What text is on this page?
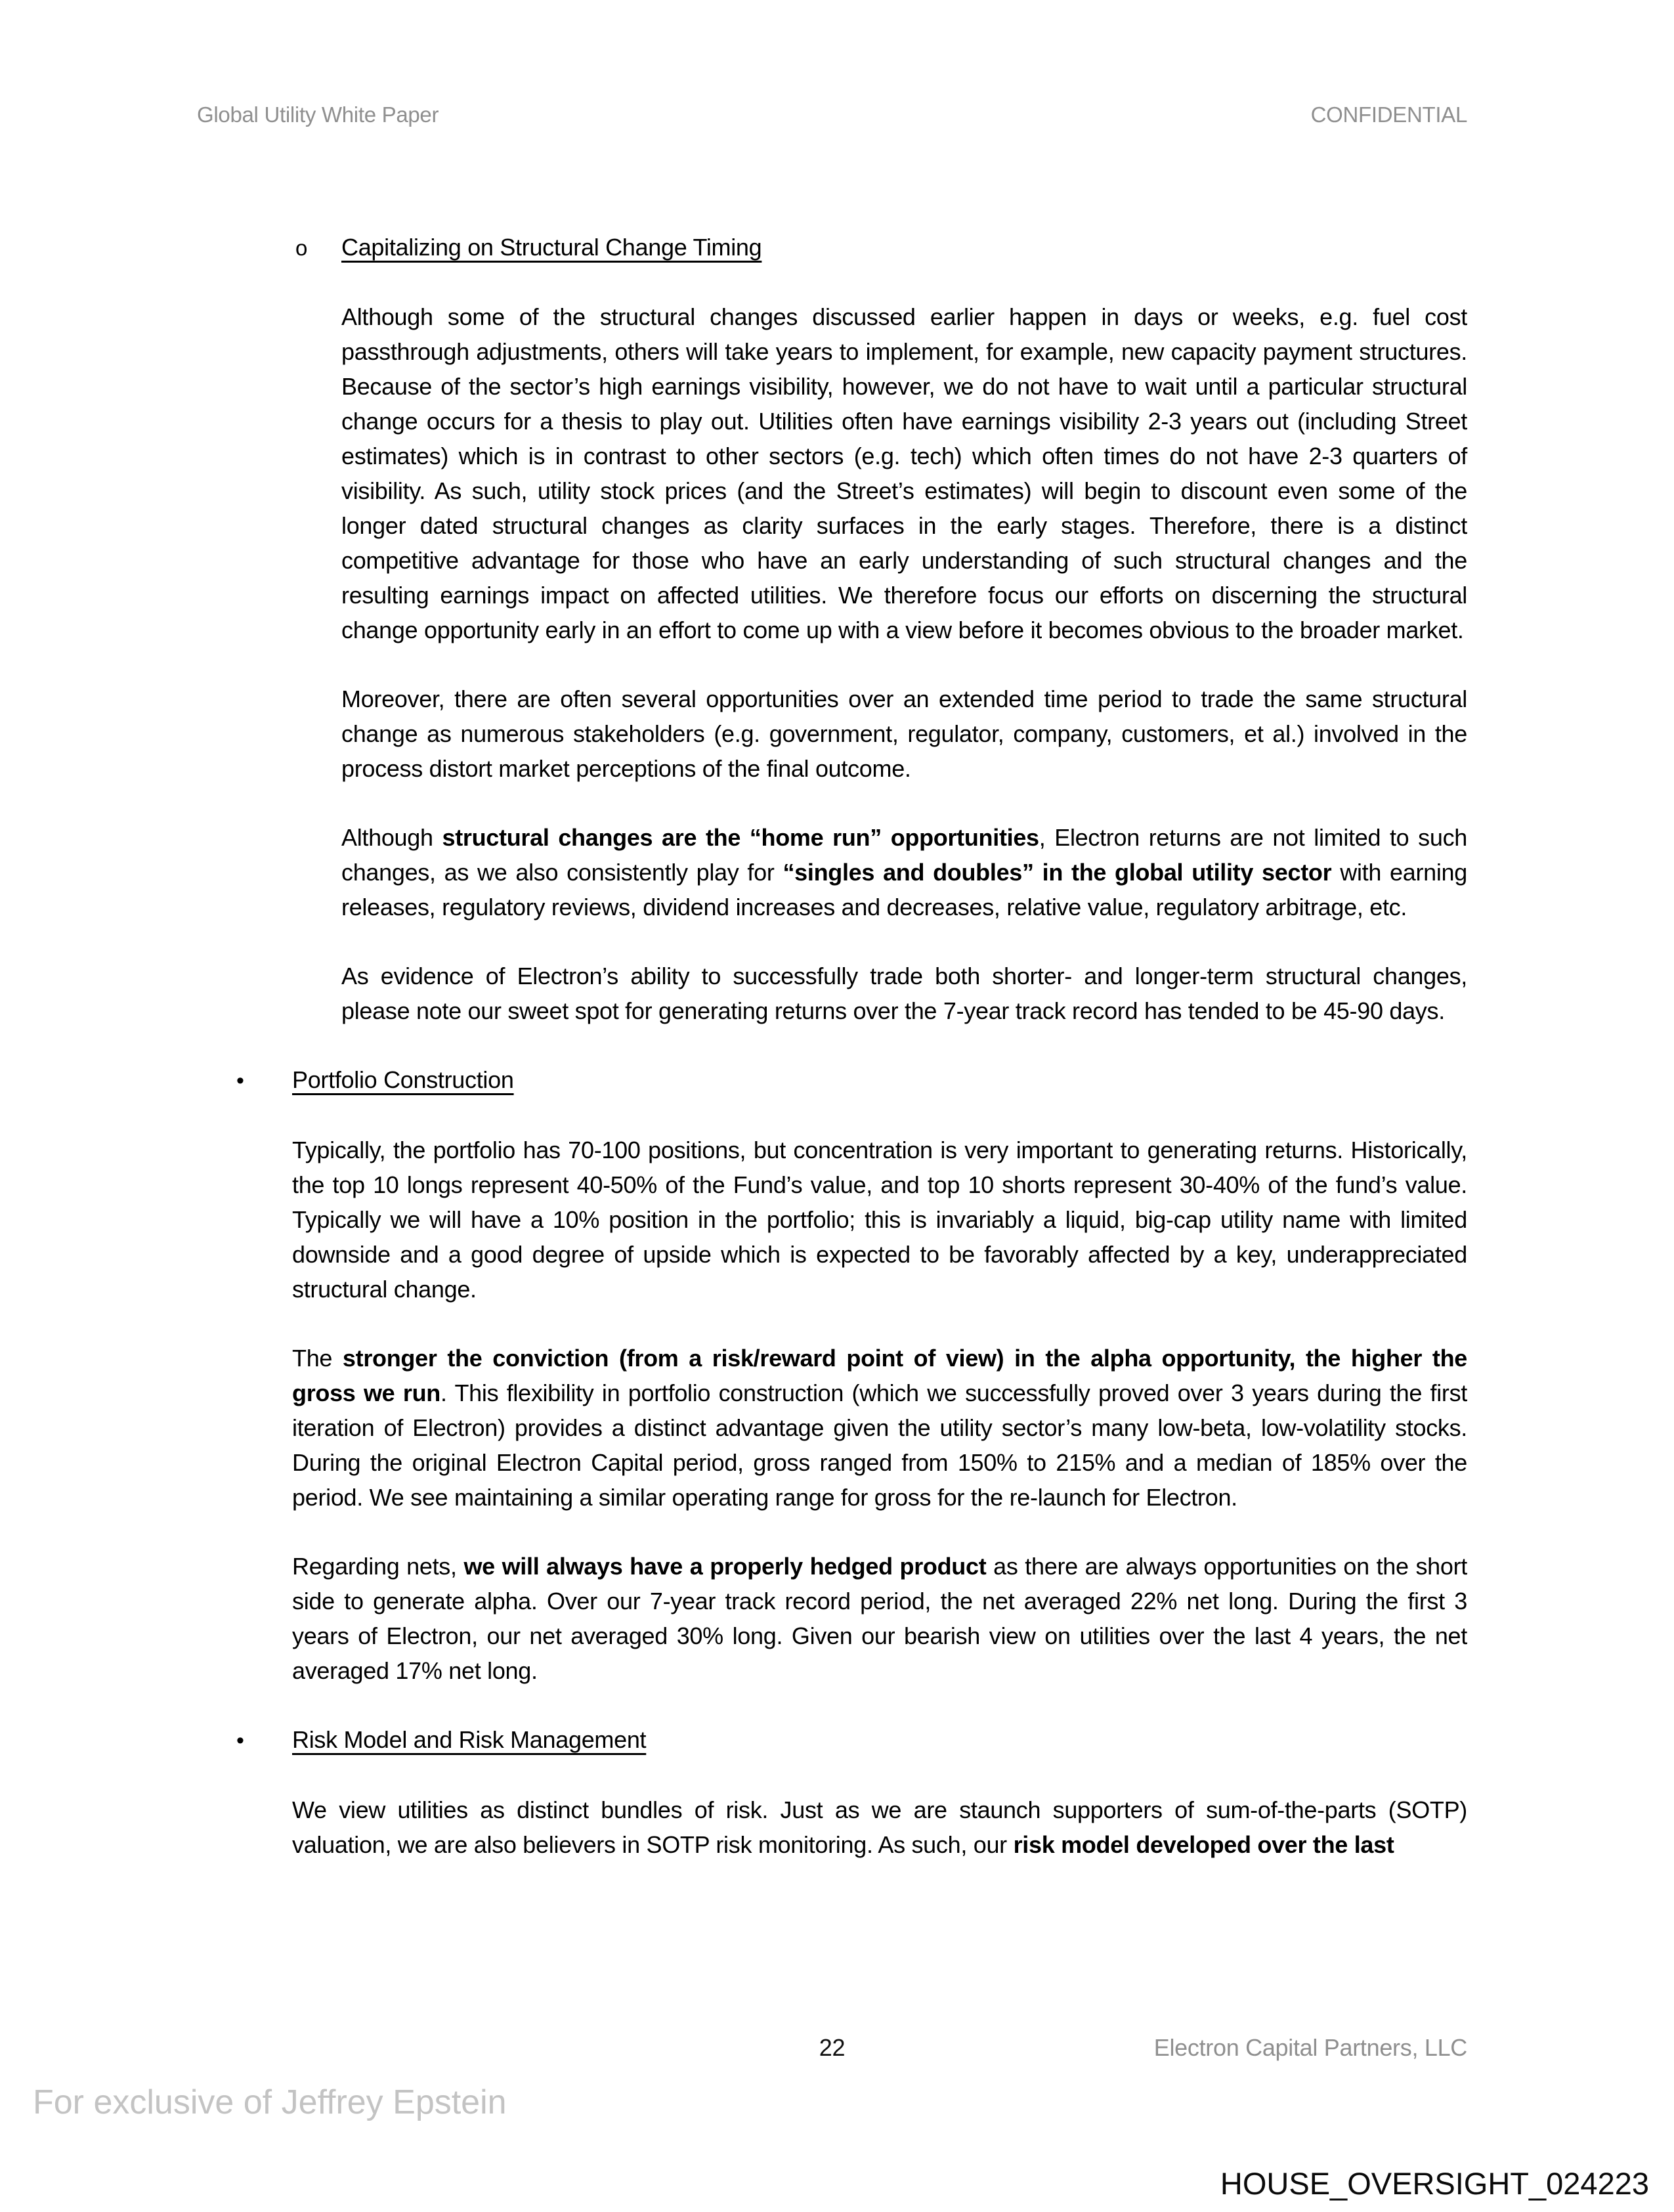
Global Utility White Paper	CONFIDENTIAL
o	Capitalizing on Structural Change Timing

Although some of the structural changes discussed earlier happen in days or weeks, e.g. fuel cost passthrough adjustments, others will take years to implement, for example, new capacity payment structures. Because of the sector’s high earnings visibility, however, we do not have to wait until a particular structural change occurs for a thesis to play out. Utilities often have earnings visibility 2-3 years out (including Street estimates) which is in contrast to other sectors (e.g. tech) which often times do not have 2-3 quarters of visibility. As such, utility stock prices (and the Street’s estimates) will begin to discount even some of the longer dated structural changes as clarity surfaces in the early stages. Therefore, there is a distinct competitive advantage for those who have an early understanding of such structural changes and the resulting earnings impact on affected utilities. We therefore focus our efforts on discerning the structural change opportunity early in an effort to come up with a view before it becomes obvious to the broader market.

Moreover, there are often several opportunities over an extended time period to trade the same structural change as numerous stakeholders (e.g. government, regulator, company, customers, et al.) involved in the process distort market perceptions of the final outcome.

Although structural changes are the “home run” opportunities, Electron returns are not limited to such changes, as we also consistently play for “singles and doubles” in the global utility sector with earning releases, regulatory reviews, dividend increases and decreases, relative value, regulatory arbitrage, etc.

As evidence of Electron’s ability to successfully trade both shorter- and longer-term structural changes, please note our sweet spot for generating returns over the 7-year track record has tended to be 45-90 days.

•	Portfolio Construction

Typically, the portfolio has 70-100 positions, but concentration is very important to generating returns. Historically, the top 10 longs represent 40-50% of the Fund’s value, and top 10 shorts represent 30-40% of the fund’s value. Typically we will have a 10% position in the portfolio; this is invariably a liquid, big-cap utility name with limited downside and a good degree of upside which is expected to be favorably affected by a key, underappreciated structural change.

The stronger the conviction (from a risk/reward point of view) in the alpha opportunity, the higher the gross we run. This flexibility in portfolio construction (which we successfully proved over 3 years during the first iteration of Electron) provides a distinct advantage given the utility sector’s many low-beta, low-volatility stocks. During the original Electron Capital period, gross ranged from 150% to 215% and a median of 185% over the period. We see maintaining a similar operating range for gross for the re-launch for Electron.

Regarding nets, we will always have a properly hedged product as there are always opportunities on the short side to generate alpha. Over our 7-year track record period, the net averaged 22% net long. During the first 3 years of Electron, our net averaged 30% long. Given our bearish view on utilities over the last 4 years, the net averaged 17% net long.

•	Risk Model and Risk Management

We view utilities as distinct bundles of risk. Just as we are staunch supporters of sum-of-the-parts (SOTP) valuation, we are also believers in SOTP risk monitoring. As such, our risk model developed over the last

22	Electron Capital Partners, LLC
For exclusive of Jeffrey Epstein
HOUSE_OVERSIGHT_024223
